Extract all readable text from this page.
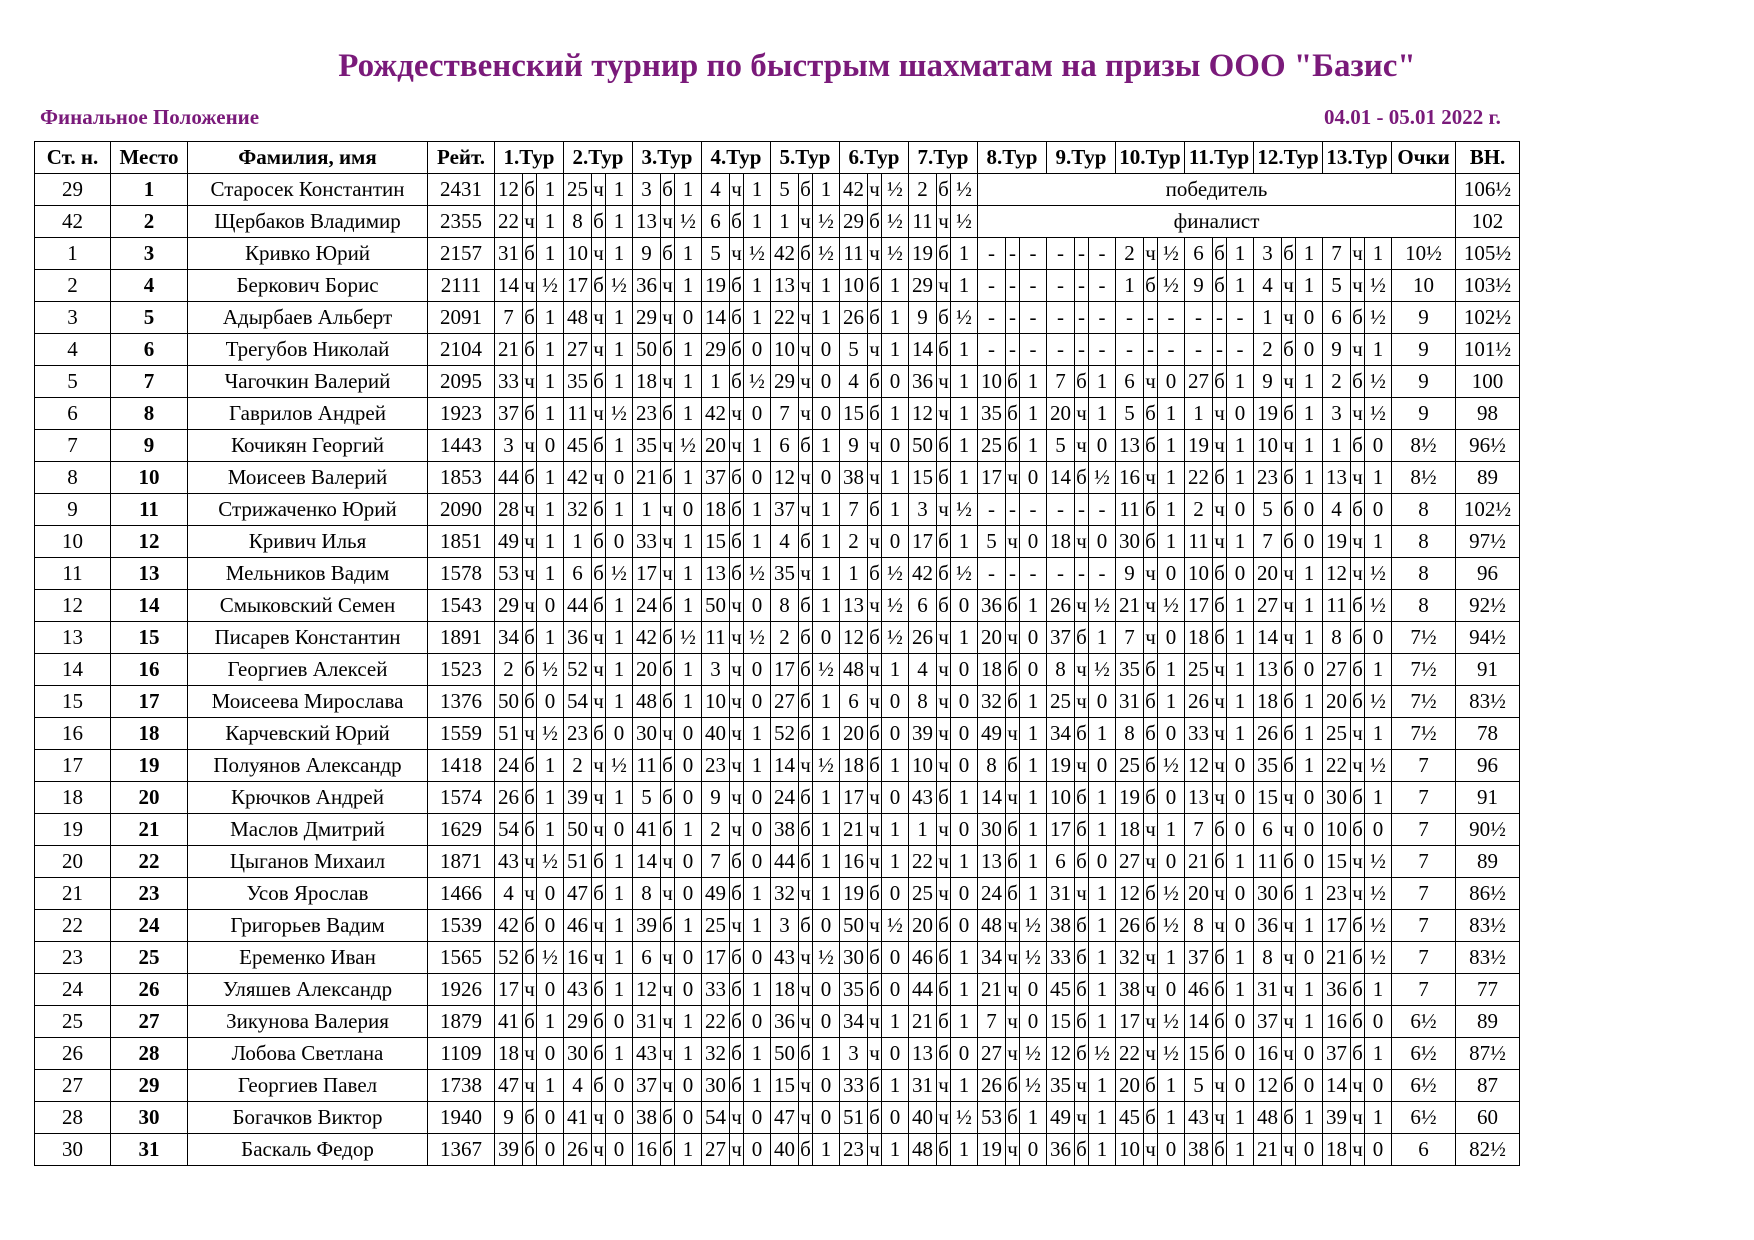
Рождественский турнир по быстрым шахматам на призы ООО "Базис"
Финальное Положение	04.01 - 05.01 2022 г.
Ст. н.	Место	Фамилия, имя	Рейт.	1.Тур			2.Тур			3.Тур			4.Тур			5.Тур			6.Тур			7.Тур			8.Тур			9.Тур			10.Тур			11.Тур			12.Тур			13.Тур			Очки	ВН.
29	1	Старосек Константин	2431	12	б	1	25	ч	1	3	б	1	4	ч	1	5	б	1	42	ч	½	2	б	½	победитель																			106½
42	2	Щербаков Владимир	2355	22	ч	1	8	б	1	13	ч	½	6	б	1	1	ч	½	29	б	½	11	ч	½	финалист																			102
1	3	Кривко Юрий	2157	31	б	1	10	ч	1	9	б	1	5	ч	½	42	б	½	11	ч	½	19	б	1	-	-	-	-	-	-	2	ч	½	6	б	1	3	б	1	7	ч	1	10½	105½
2	4	Беркович Борис	2111	14	ч	½	17	б	½	36	ч	1	19	б	1	13	ч	1	10	б	1	29	ч	1	-	-	-	-	-	-	1	б	½	9	б	1	4	ч	1	5	ч	½	10	103½
3	5	Адырбаев Альберт	2091	7	б	1	48	ч	1	29	ч	0	14	б	1	22	ч	1	26	б	1	9	б	½	-	-	-	-	-	-	-	-	-	-	-	-	1	ч	0	6	б	½	9	102½
4	6	Трегубов Николай	2104	21	б	1	27	ч	1	50	б	1	29	б	0	10	ч	0	5	ч	1	14	б	1	-	-	-	-	-	-	-	-	-	-	-	-	2	б	0	9	ч	1	9	101½
5	7	Чагочкин Валерий	2095	33	ч	1	35	б	1	18	ч	1	1	б	½	29	ч	0	4	б	0	36	ч	1	10	б	1	7	б	1	6	ч	0	27	б	1	9	ч	1	2	б	½	9	100
6	8	Гаврилов Андрей	1923	37	б	1	11	ч	½	23	б	1	42	ч	0	7	ч	0	15	б	1	12	ч	1	35	б	1	20	ч	1	5	б	1	1	ч	0	19	б	1	3	ч	½	9	98
7	9	Кочикян Георгий	1443	3	ч	0	45	б	1	35	ч	½	20	ч	1	6	б	1	9	ч	0	50	б	1	25	б	1	5	ч	0	13	б	1	19	ч	1	10	ч	1	1	б	0	8½	96½
8	10	Моисеев Валерий	1853	44	б	1	42	ч	0	21	б	1	37	б	0	12	ч	0	38	ч	1	15	б	1	17	ч	0	14	б	½	16	ч	1	22	б	1	23	б	1	13	ч	1	8½	89
9	11	Стрижаченко Юрий	2090	28	ч	1	32	б	1	1	ч	0	18	б	1	37	ч	1	7	б	1	3	ч	½	-	-	-	-	-	-	11	б	1	2	ч	0	5	б	0	4	б	0	8	102½
10	12	Кривич Илья	1851	49	ч	1	1	б	0	33	ч	1	15	б	1	4	б	1	2	ч	0	17	б	1	5	ч	0	18	ч	0	30	б	1	11	ч	1	7	б	0	19	ч	1	8	97½
11	13	Мельников Вадим	1578	53	ч	1	6	б	½	17	ч	1	13	б	½	35	ч	1	1	б	½	42	б	½	-	-	-	-	-	-	9	ч	0	10	б	0	20	ч	1	12	ч	½	8	96
12	14	Смыковский Семен	1543	29	ч	0	44	б	1	24	б	1	50	ч	0	8	б	1	13	ч	½	6	б	0	36	б	1	26	ч	½	21	ч	½	17	б	1	27	ч	1	11	б	½	8	92½
13	15	Писарев Константин	1891	34	б	1	36	ч	1	42	б	½	11	ч	½	2	б	0	12	б	½	26	ч	1	20	ч	0	37	б	1	7	ч	0	18	б	1	14	ч	1	8	б	0	7½	94½
14	16	Георгиев Алексей	1523	2	б	½	52	ч	1	20	б	1	3	ч	0	17	б	½	48	ч	1	4	ч	0	18	б	0	8	ч	½	35	б	1	25	ч	1	13	б	0	27	б	1	7½	91
15	17	Моисеева Мирослава	1376	50	б	0	54	ч	1	48	б	1	10	ч	0	27	б	1	6	ч	0	8	ч	0	32	б	1	25	ч	0	31	б	1	26	ч	1	18	б	1	20	б	½	7½	83½
16	18	Карчевский Юрий	1559	51	ч	½	23	б	0	30	ч	0	40	ч	1	52	б	1	20	б	0	39	ч	0	49	ч	1	34	б	1	8	б	0	33	ч	1	26	б	1	25	ч	1	7½	78
17	19	Полуянов Александр	1418	24	б	1	2	ч	½	11	б	0	23	ч	1	14	ч	½	18	б	1	10	ч	0	8	б	1	19	ч	0	25	б	½	12	ч	0	35	б	1	22	ч	½	7	96
18	20	Крючков Андрей	1574	26	б	1	39	ч	1	5	б	0	9	ч	0	24	б	1	17	ч	0	43	б	1	14	ч	1	10	б	1	19	б	0	13	ч	0	15	ч	0	30	б	1	7	91
19	21	Маслов Дмитрий	1629	54	б	1	50	ч	0	41	б	1	2	ч	0	38	б	1	21	ч	1	1	ч	0	30	б	1	17	б	1	18	ч	1	7	б	0	6	ч	0	10	б	0	7	90½
20	22	Цыганов Михаил	1871	43	ч	½	51	б	1	14	ч	0	7	б	0	44	б	1	16	ч	1	22	ч	1	13	б	1	6	б	0	27	ч	0	21	б	1	11	б	0	15	ч	½	7	89
21	23	Усов Ярослав	1466	4	ч	0	47	б	1	8	ч	0	49	б	1	32	ч	1	19	б	0	25	ч	0	24	б	1	31	ч	1	12	б	½	20	ч	0	30	б	1	23	ч	½	7	86½
22	24	Григорьев Вадим	1539	42	б	0	46	ч	1	39	б	1	25	ч	1	3	б	0	50	ч	½	20	б	0	48	ч	½	38	б	1	26	б	½	8	ч	0	36	ч	1	17	б	½	7	83½
23	25	Еременко Иван	1565	52	б	½	16	ч	1	6	ч	0	17	б	0	43	ч	½	30	б	0	46	б	1	34	ч	½	33	б	1	32	ч	1	37	б	1	8	ч	0	21	б	½	7	83½
24	26	Уляшев Александр	1926	17	ч	0	43	б	1	12	ч	0	33	б	1	18	ч	0	35	б	0	44	б	1	21	ч	0	45	б	1	38	ч	0	46	б	1	31	ч	1	36	б	1	7	77
25	27	Зикунова Валерия	1879	41	б	1	29	б	0	31	ч	1	22	б	0	36	ч	0	34	ч	1	21	б	1	7	ч	0	15	б	1	17	ч	½	14	б	0	37	ч	1	16	б	0	6½	89
26	28	Лобова Светлана	1109	18	ч	0	30	б	1	43	ч	1	32	б	1	50	б	1	3	ч	0	13	б	0	27	ч	½	12	б	½	22	ч	½	15	б	0	16	ч	0	37	б	1	6½	87½
27	29	Георгиев Павел	1738	47	ч	1	4	б	0	37	ч	0	30	б	1	15	ч	0	33	б	1	31	ч	1	26	б	½	35	ч	1	20	б	1	5	ч	0	12	б	0	14	ч	0	6½	87
28	30	Богачков Виктор	1940	9	б	0	41	ч	0	38	б	0	54	ч	0	47	ч	0	51	б	0	40	ч	½	53	б	1	49	ч	1	45	б	1	43	ч	1	48	б	1	39	ч	1	6½	60
30	31	Баскаль Федор	1367	39	б	0	26	ч	0	16	б	1	27	ч	0	40	б	1	23	ч	1	48	б	1	19	ч	0	36	б	1	10	ч	0	38	б	1	21	ч	0	18	ч	0	6	82½
